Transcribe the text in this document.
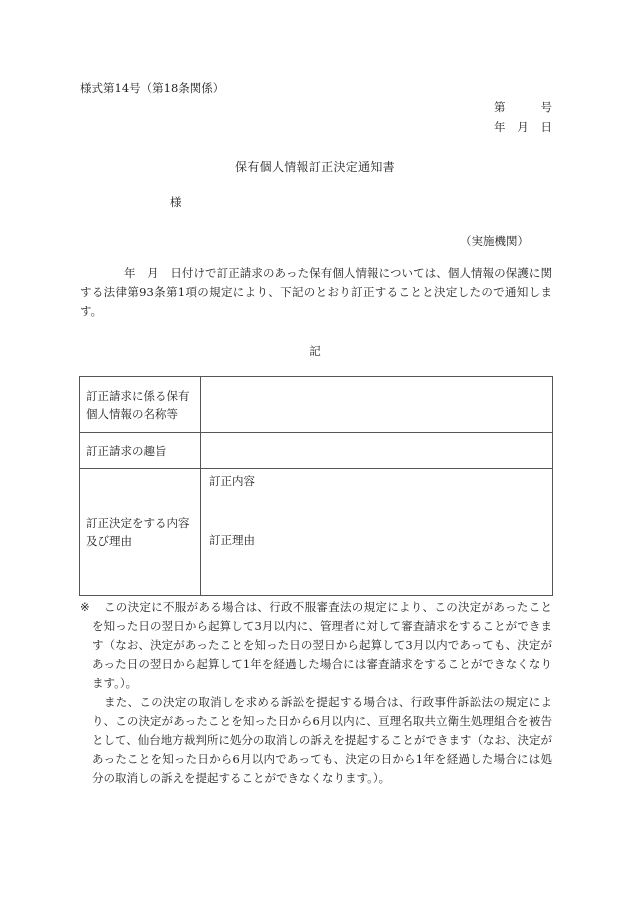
様式第14号（第18条関係）
第	号
年 月 日
保有個人情報訂正決定通知書
様
（実施機関）
年　月　日付けで訂正請求のあった保有個人情報については、個人情報の保護に関する法律第93条第1項の規定により、下記のとおり訂正することと決定したので通知します。
記
訂正請求に係る保有個人情報の名称等	
訂正請求の趣旨	
訂正決定をする内容及び理由	訂正内容
訂正理由
※	この決定に不服がある場合は、行政不服審査法の規定により、この決定があったことを知った日の翌日から起算して3月以内に、管理者に対して審査請求をすることができます（なお、決定があったことを知った日の翌日から起算して3月以内であっても、決定があった日の翌日から起算して1年を経過した場合には審査請求をすることができなくなります。）。

また、この決定の取消しを求める訴訟を提起する場合は、行政事件訴訟法の規定により、この決定があったことを知った日から6月以内に、亘理名取共立衛生処理組合を被告として、仙台地方裁判所に処分の取消しの訴えを提起することができます（なお、決定があったことを知った日から6月以内であっても、決定の日から1年を経過した場合には処分の取消しの訴えを提起することができなくなります。）。
